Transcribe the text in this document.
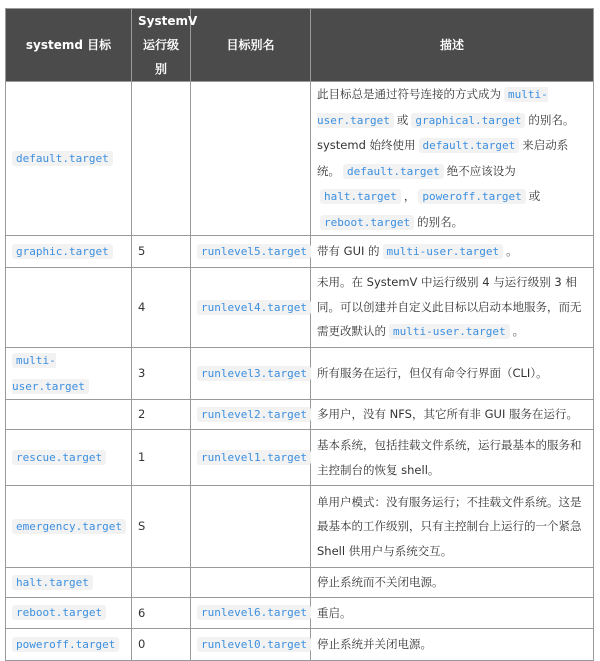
systemd 目标	SystemV 运行级别	目标别名	描述
default.target			此目标总是通过符号连接的方式成为 multi-user.target 或 graphical.target 的别名。systemd 始终使用 default.target 来启动系统。 default.target 绝不应该设为halt.target ， poweroff.target 或reboot.target 的别名。
graphic.target	5	runlevel5.target	带有 GUI 的 multi-user.target 。
	4	runlevel4.target	未用。在 SystemV 中运行级别 4 与运行级别 3 相同。可以创建并自定义此目标以启动本地服务，而无需更改默认的 multi-user.target 。
multi-user.target	3	runlevel3.target	所有服务在运行，但仅有命令行界面（CLI）。
	2	runlevel2.target	多用户，没有 NFS，其它所有非 GUI 服务在运行。
rescue.target	1	runlevel1.target	基本系统，包括挂载文件系统，运行最基本的服务和主控制台的恢复 shell。
emergency.target	S		单用户模式：没有服务运行；不挂载文件系统。这是最基本的工作级别，只有主控制台上运行的一个紧急 Shell 供用户与系统交互。
halt.target			停止系统而不关闭电源。
reboot.target	6	runlevel6.target	重启。
poweroff.target	0	runlevel0.target	停止系统并关闭电源。
